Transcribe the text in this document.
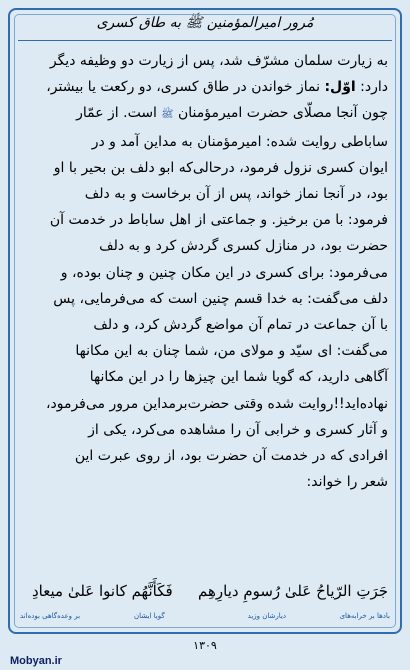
مُرور امیرالمؤمنین ﷺ به طاق کسری
به زیارت سلمان مشرّف شد، پس از زیارت دو وظیفه دیگر
دارد: اوّل: نماز خواندن در طاق کسری، دو رکعت یا بیشتر،
چون آنجا مصلّای حضرت امیرمؤمنان ﷺ است. از عمّار
ساباطی روایت شده: امیرمؤمنان به مداین آمد و در
ایوان کسری نزول فرمود، درحالی‌که ابو دلف بن بحیر با او
بود، در آنجا نماز خواند، پس از آن برخاست و به دلف
فرمود: با من برخیز. و جماعتی از اهل ساباط در خدمت آن
حضرت بود، در منازل کسری گردش کرد و به دلف
می‌فرمود: برای کسری در این مکان چنین و چنان بوده، و
دلف می‌گفت: به خدا قسم چنین است که می‌فرمایی، پس
با آن جماعت در تمام آن مواضع گردش کرد، و دلف
می‌گفت: ای سیّد و مولای من، شما چنان به این مکانها
آگاهی دارید، که گویا شما این چیزها را در این مکانها
نهاده‌اید!!روایت شده وقتی حضرت‌برمداین مرور می‌فرمود،
و آثار کسری و خرابی آن را مشاهده می‌کرد، یکی از
افرادی که در خدمت آن حضرت بود، از روی عبرت این
شعر را خواند:
جَرَتِ الرّیاحُ عَلیٰ رُسومِ دیارِهِم
فَکَأَنَّهُم کانوا عَلیٰ میعادِ
بادها بر خرابه‌های
دیارشان وزید
گویا ایشان
بر وعده‌گاهی بوده‌اند
۱۳۰۹
Mobyan.ir
